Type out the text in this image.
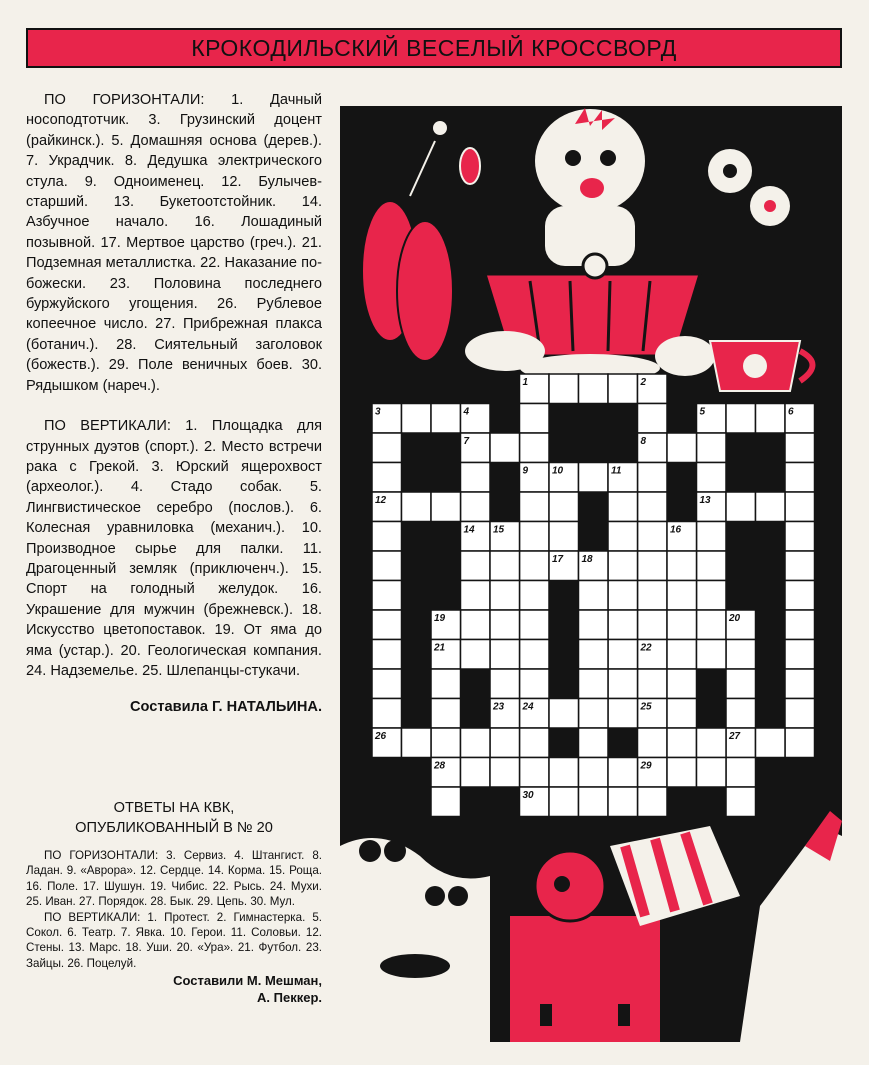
КРОКОДИЛЬСКИЙ ВЕСЕЛЫЙ КРОССВОРД

ПО ГОРИЗОНТАЛИ: 1. Дачный носоподтотчик. 3. Грузинский доцент (райкинск.). 5. Домашняя основа (дерев.). 7. Украдчик. 8. Дедушка электрического стула. 9. Одноименец. 12. Булычев-старший. 13. Букетоотстойник. 14. Азбучное начало. 16. Лошадиный позывной. 17. Мертвое царство (греч.). 21. Подземная металлистка. 22. Наказание по-божески. 23. Половина последнего буржуйского угощения. 26. Рублевое копеечное число. 27. Прибрежная плакса (ботанич.). 28. Сиятельный заголовок (божеств.). 29. Поле веничных боев. 30. Рядышком (нареч.).

ПО ВЕРТИКАЛИ: 1. Площадка для струнных дуэтов (спорт.). 2. Место встречи рака с Грекой. 3. Юрский ящерохвост (археолог.). 4. Стадо собак. 5. Лингвистическое серебро (послов.). 6. Колесная уравниловка (механич.). 10. Производное сырье для палки. 11. Драгоценный земляк (приключенч.). 15. Спорт на голодный желудок. 16. Украшение для мужчин (брежневск.). 18. Искусство цветопоставок. 19. От яма до яма (устар.). 20. Геологическая компания. 24. Надземелье. 25. Шлепанцы-стукачи.

Составила Г. НАТАЛЬИНА.

ОТВЕТЫ НА КВК,

ОПУБЛИКОВАННЫЙ В № 20

ПО ГОРИЗОНТАЛИ: 3. Сервиз. 4. Штангист. 8. Ладан. 9. «Аврора». 12. Сердце. 14. Корма. 15. Роща. 16. Поле. 17. Шушун. 19. Чибис. 22. Рысь. 24. Мухи. 25. Иван. 27. Порядок. 28. Бык. 29. Цепь. 30. Мул.

ПО ВЕРТИКАЛИ: 1. Протест. 2. Гимнастерка. 5. Сокол. 6. Театр. 7. Явка. 10. Герои. 11. Соловьи. 12. Стены. 13. Марс. 18. Уши. 20. «Ура». 21. Футбол. 23. Зайцы. 26. Поцелуй.

Составили М. Мешман,

А. Пеккер.

1	2
3	4	5	6
7	8
9 10	11
12	13
14 15	16
17 18
19	20
21	22
23 24	25
26	27
28	29
30
